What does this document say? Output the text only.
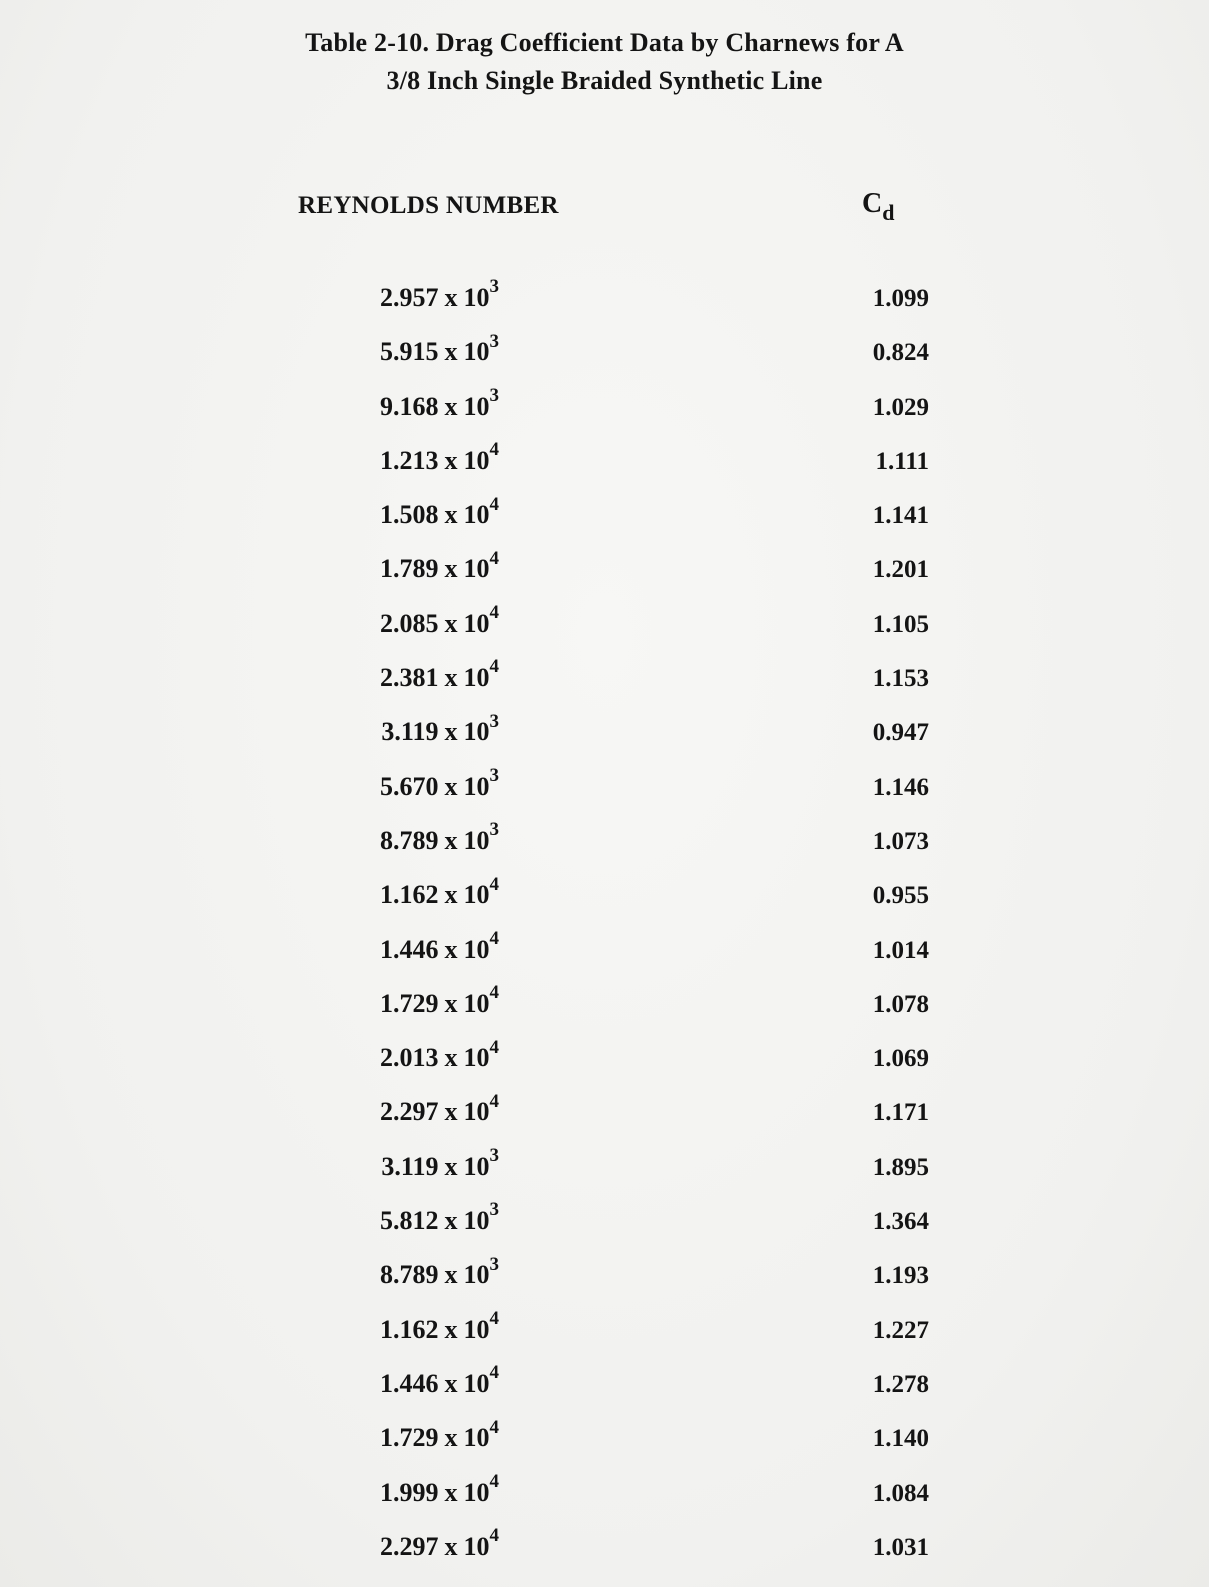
Table 2-10. Drag Coefficient Data by Charnews for A
3/8 Inch Single Braided Synthetic Line
REYNOLDS NUMBER	$C_d$
2.957 x $10^3$	1.099
5.915 x $10^3$	0.824
9.168 x $10^3$	1.029
1.213 x $10^4$	1.111
1.508 x $10^4$	1.141
1.789 x $10^4$	1.201
2.085 x $10^4$	1.105
2.381 x $10^4$	1.153
3.119 x $10^3$	0.947
5.670 x $10^3$	1.146
8.789 x $10^3$	1.073
1.162 x $10^4$	0.955
1.446 x $10^4$	1.014
1.729 x $10^4$	1.078
2.013 x $10^4$	1.069
2.297 x $10^4$	1.171
3.119 x $10^3$	1.895
5.812 x $10^3$	1.364
8.789 x $10^3$	1.193
1.162 x $10^4$	1.227
1.446 x $10^4$	1.278
1.729 x $10^4$	1.140
1.999 x $10^4$	1.084
2.297 x $10^4$	1.031
